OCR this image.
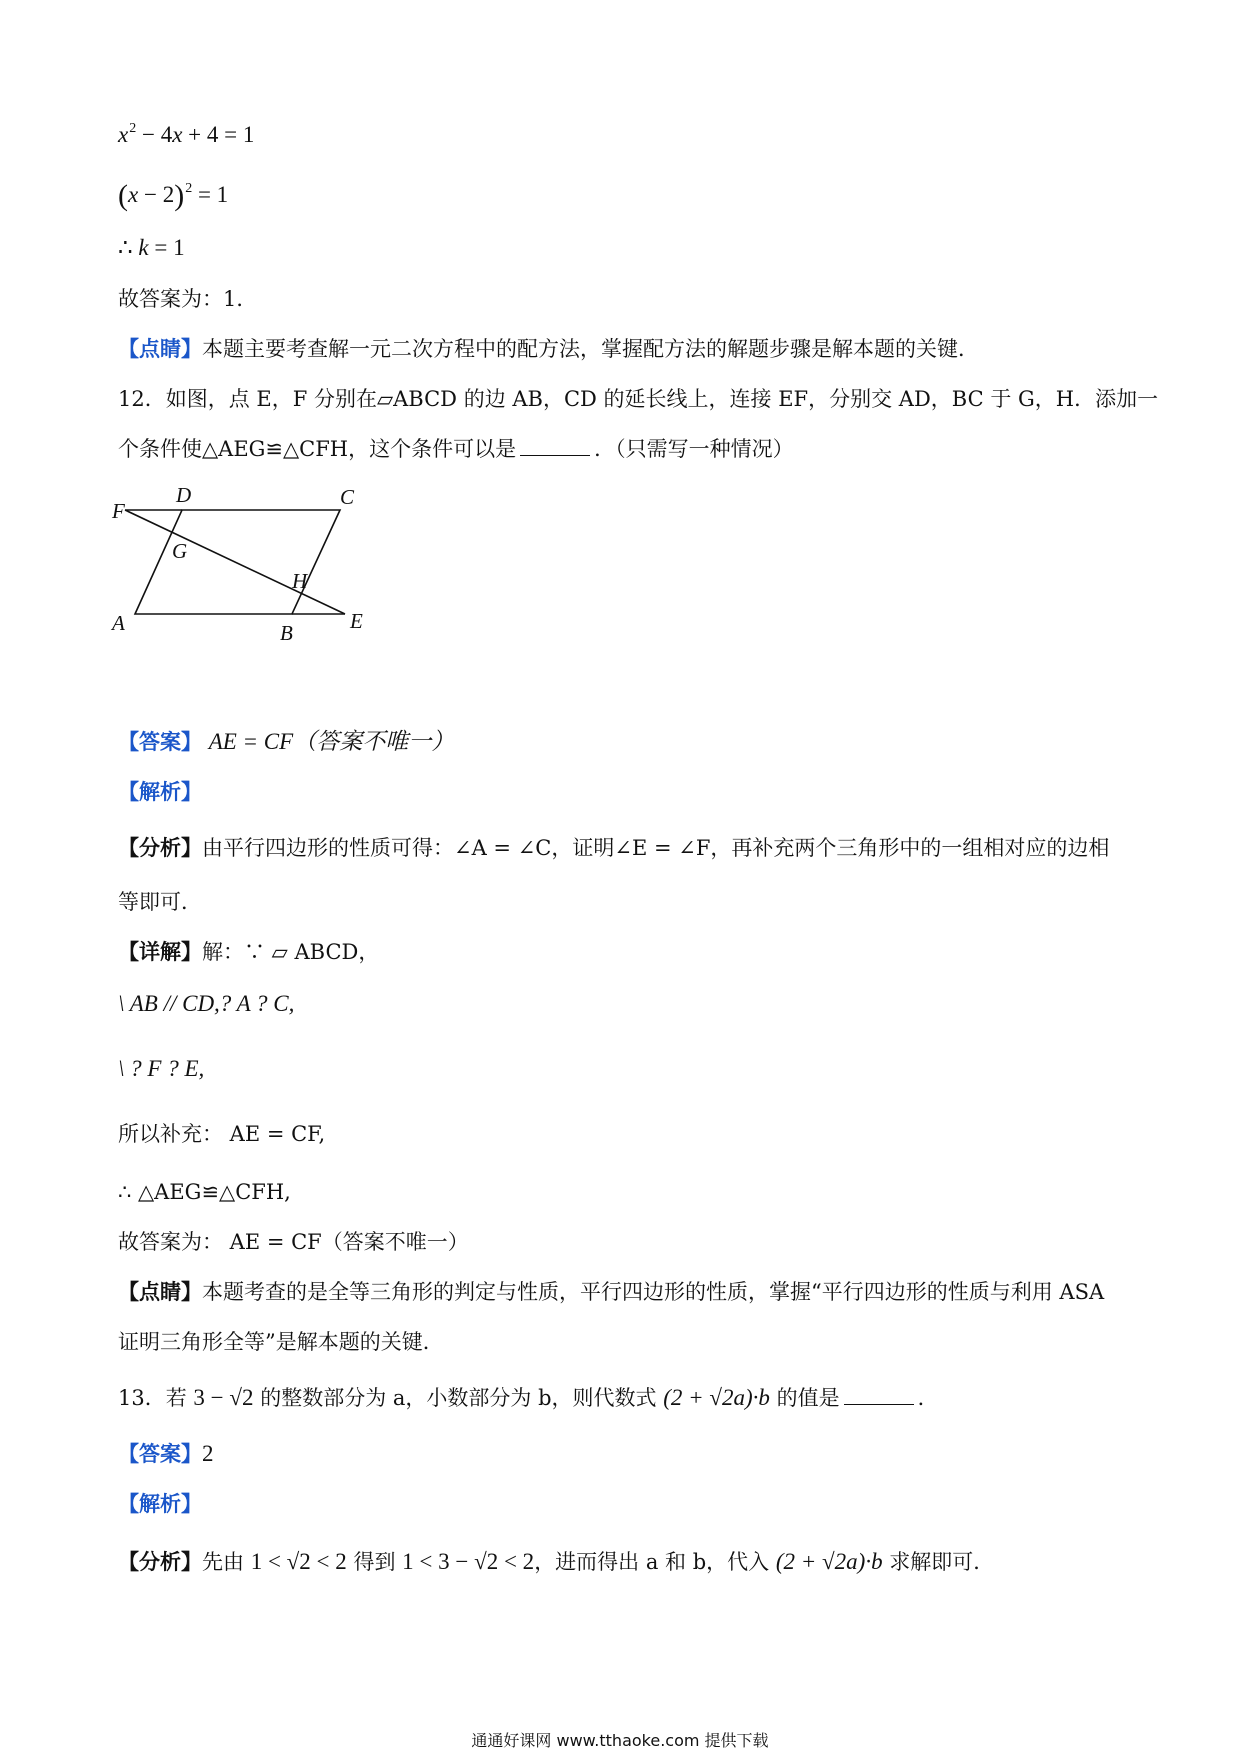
$x^2 - 4x + 4 = 1$
$(x - 2)^2 = 1$
∴ k = 1
故答案为：1．
【点睛】本题主要考查解一元二次方程中的配方法，掌握配方法的解题步骤是解本题的关键．
12．如图，点 E，F 分别在▱ABCD 的边 AB，CD 的延长线上，连接 EF，分别交 AD，BC 于 G，H．添加一
个条件使△AEG≌△CFH，这个条件可以是	．（只需写一种情况）
F
D	C
G
H
A	B	E
【答案】 AE = CF（答案不唯一）
【解析】
【分析】由平行四边形的性质可得：∠A = ∠C，证明∠E = ∠F，再补充两个三角形中的一组相对应的边相
等即可．
【详解】解：∵ ▱ ABCD，
\ AB // CD,? A ? C,
\ ? F ? E,
所以补充： AE = CF,
∴ △AEG≌△CFH,
故答案为： AE = CF（答案不唯一）
【点睛】本题考查的是全等三角形的判定与性质，平行四边形的性质，掌握“平行四边形的性质与利用 ASA
证明三角形全等”是解本题的关键．
13．若 3 − √2 的整数部分为 a，小数部分为 b，则代数式 (2 + √2a)·b 的值是	．
【答案】2
【解析】
【分析】先由 1 < √2 < 2 得到 1 < 3 − √2 < 2，进而得出 a 和 b，代入 (2 + √2a)·b 求解即可．
通通好课网 www.tthaoke.com 提供下载
